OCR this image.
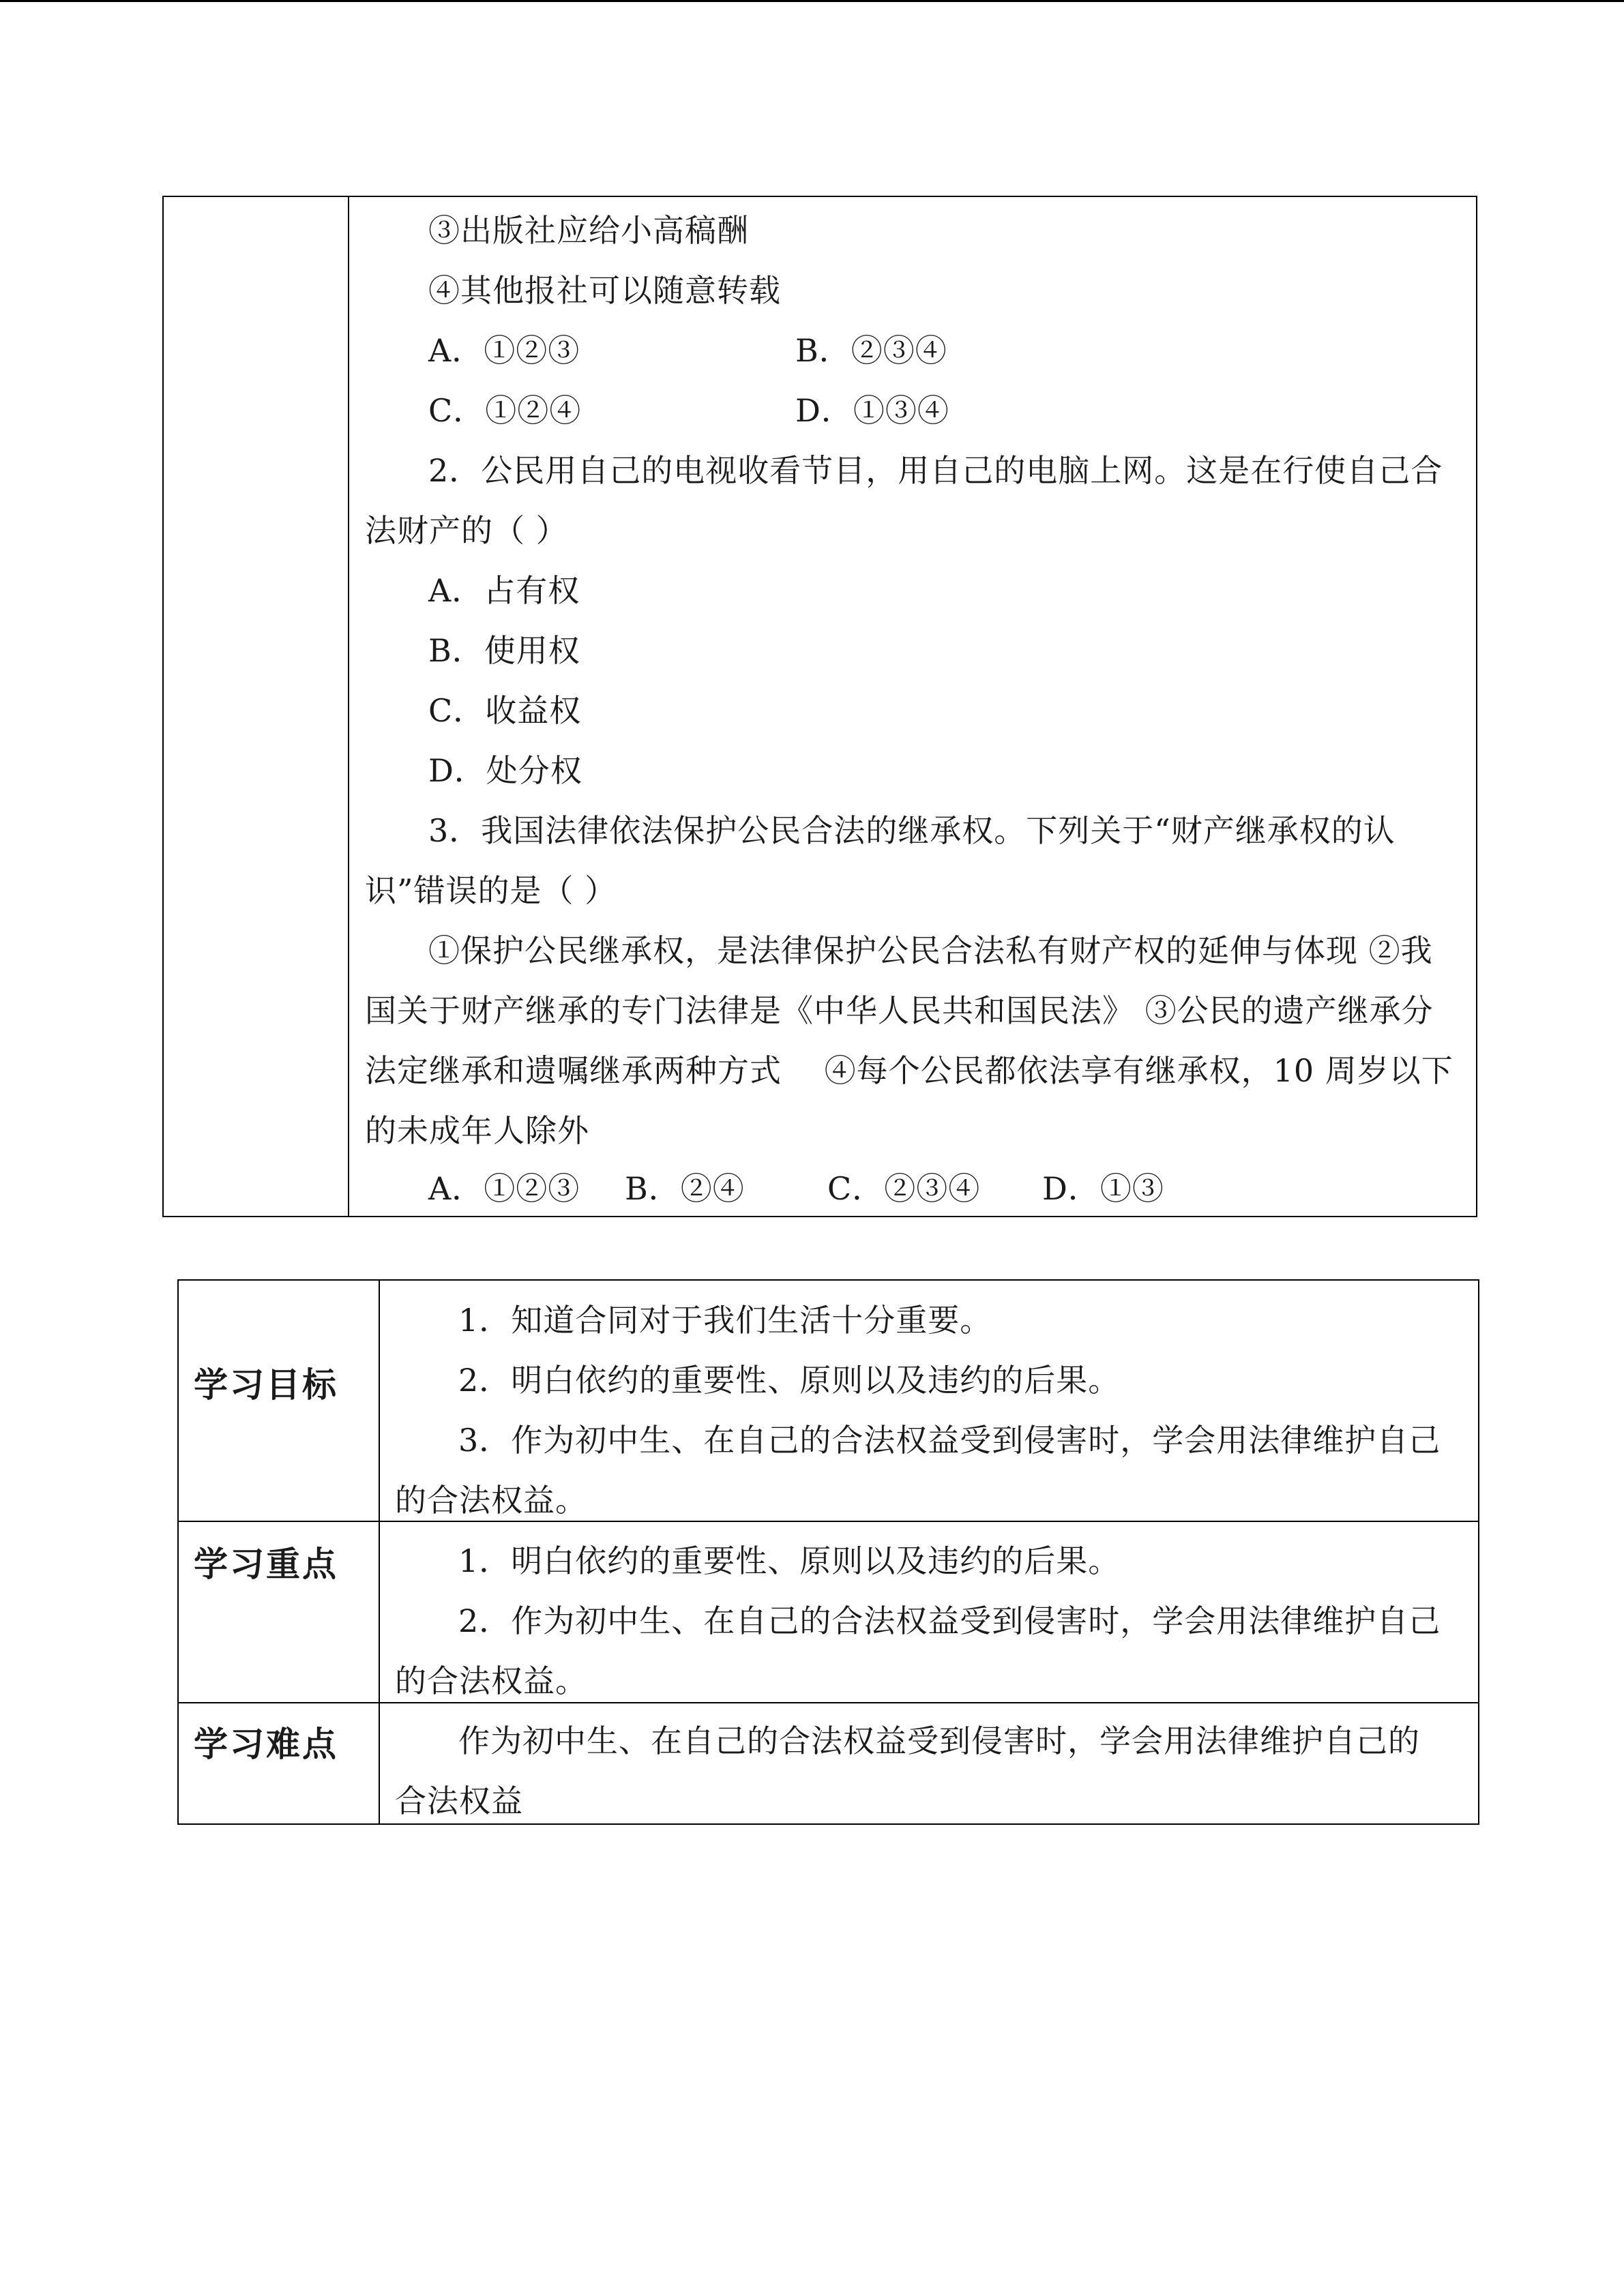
③出版社应给小高稿酬
④其他报社可以随意转载
A．①②③	B．②③④
C．①②④	D．①③④
2．公民用自己的电视收看节目，用自己的电脑上网。这是在行使自己合
法财产的（ ）
A．占有权
B．使用权
C．收益权
D．处分权
3．我国法律依法保护公民合法的继承权。下列关于“财产继承权的认
识”错误的是（ ）
①保护公民继承权，是法律保护公民合法私有财产权的延伸与体现 ②我
国关于财产继承的专门法律是《中华人民共和国民法》 ③公民的遗产继承分
法定继承和遗嘱继承两种方式　 ④每个公民都依法享有继承权，10 周岁以下
的未成年人除外
A．①②③ B．②④	C．②③④ D．①③
学习目标
1．知道合同对于我们生活十分重要。
2．明白依约的重要性、原则以及违约的后果。
3．作为初中生、在自己的合法权益受到侵害时，学会用法律维护自己
的合法权益。
学习重点	1．明白依约的重要性、原则以及违约的后果。
2．作为初中生、在自己的合法权益受到侵害时，学会用法律维护自己
的合法权益。
学习难点	作为初中生、在自己的合法权益受到侵害时，学会用法律维护自己的
合法权益
